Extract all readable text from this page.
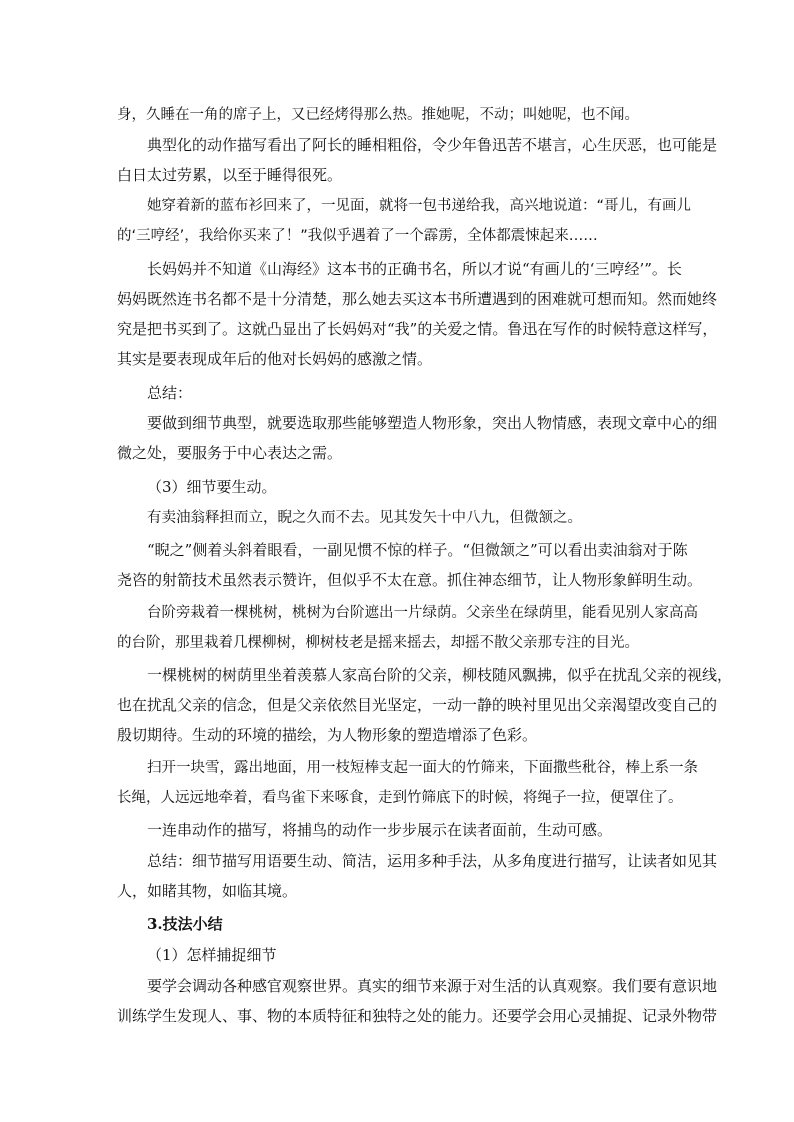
身，久睡在一角的席子上，又已经烤得那么热。推她呢，不动；叫她呢，也不闻。
典型化的动作描写看出了阿长的睡相粗俗，令少年鲁迅苦不堪言，心生厌恶，也可能是
白日太过劳累，以至于睡得很死。
她穿着新的蓝布衫回来了，一见面，就将一包书递给我，高兴地说道：“哥儿，有画儿
的‘三哼经’，我给你买来了！”我似乎遇着了一个霹雳，全体都震悚起来……
长妈妈并不知道《山海经》这本书的正确书名，所以才说“有画儿的‘三哼经’”。长
妈妈既然连书名都不是十分清楚，那么她去买这本书所遭遇到的困难就可想而知。然而她终
究是把书买到了。这就凸显出了长妈妈对“我”的关爱之情。鲁迅在写作的时候特意这样写，
其实是要表现成年后的他对长妈妈的感激之情。
总结：
要做到细节典型，就要选取那些能够塑造人物形象，突出人物情感，表现文章中心的细
微之处，要服务于中心表达之需。
（3）细节要生动。
有卖油翁释担而立，睨之久而不去。见其发矢十中八九，但微颔之。
“睨之”侧着头斜着眼看，一副见惯不惊的样子。“但微颔之”可以看出卖油翁对于陈
尧咨的射箭技术虽然表示赞许，但似乎不太在意。抓住神态细节，让人物形象鲜明生动。
台阶旁栽着一棵桃树，桃树为台阶遮出一片绿荫。父亲坐在绿荫里，能看见别人家高高
的台阶，那里栽着几棵柳树，柳树枝老是摇来摇去，却摇不散父亲那专注的目光。
一棵桃树的树荫里坐着羡慕人家高台阶的父亲，柳枝随风飘拂，似乎在扰乱父亲的视线，
也在扰乱父亲的信念，但是父亲依然目光坚定，一动一静的映衬里见出父亲渴望改变自己的
殷切期待。生动的环境的描绘，为人物形象的塑造增添了色彩。
扫开一块雪，露出地面，用一枝短棒支起一面大的竹筛来，下面撒些秕谷，棒上系一条
长绳，人远远地牵着，看鸟雀下来啄食，走到竹筛底下的时候，将绳子一拉，便罩住了。
一连串动作的描写，将捕鸟的动作一步步展示在读者面前，生动可感。
总结：细节描写用语要生动、简洁，运用多种手法，从多角度进行描写，让读者如见其
人，如睹其物，如临其境。
3.技法小结
（1）怎样捕捉细节
要学会调动各种感官观察世界。真实的细节来源于对生活的认真观察。我们要有意识地
训练学生发现人、事、物的本质特征和独特之处的能力。还要学会用心灵捕捉、记录外物带
